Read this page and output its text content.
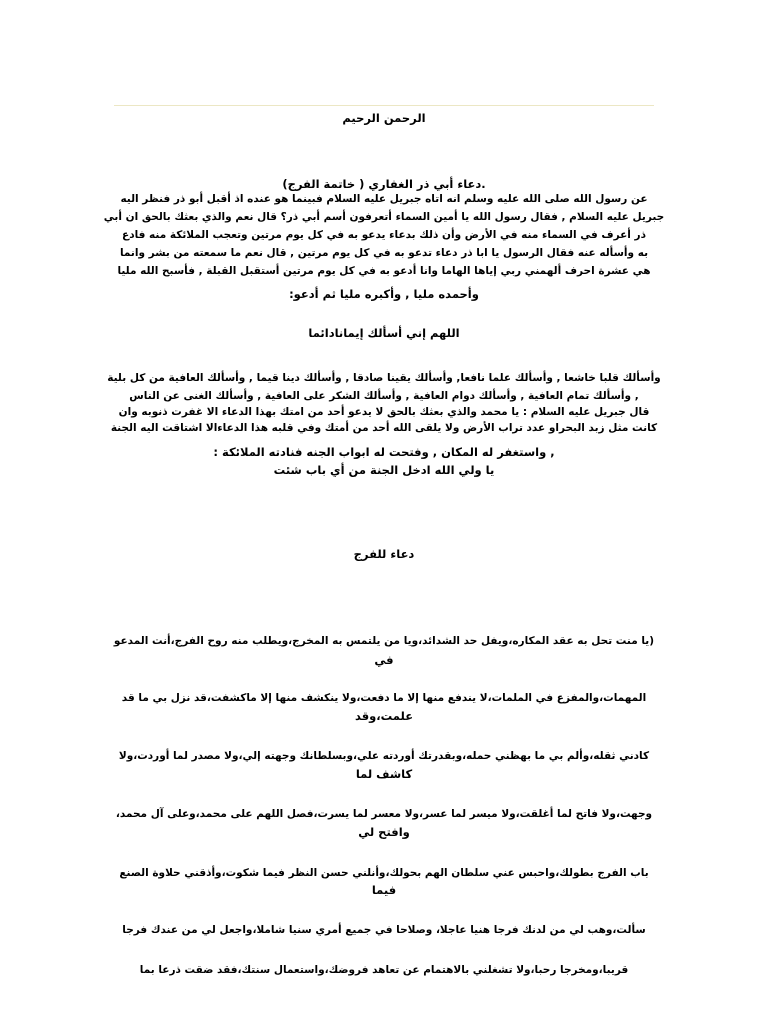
الرحمن الرحيم
.دعاء أبي ذر الغفاري ( خاتمة الفرج)
عن رسول الله صلى الله عليه وسلم انه اتاه جبريل عليه السلام فبينما هو عنده اذ أقبل أبو ذر فنظر اليه
جبريل عليه السلام , فقال رسول الله يا أمين السماء أتعرفون أسم أبي ذر؟ قال نعم والذي بعثك بالحق ان أبي
ذر أعرف في السماء منه في الأرض وأن ذلك بدعاء يدعو به في كل يوم مرتين وتعجب الملائكة منه فادع
به وأسأله عنه فقال الرسول يا ابا ذر دعاء تدعو به في كل يوم مرتين , قال نعم ما سمعته من بشر وانما
هي عشرة احرف ألهمني ربي إياها الهاما وانا أدعو به في كل يوم مرتين أستقبل القبلة , فأسبح الله مليا
وأحمده مليا , وأكبره مليا ثم أدعو:
اللهم إني أسألك إيمانادائما
وأسألك قلبا خاشعا , وأسألك علما نافعا, وأسألك يقينا صادقا , وأسألك دينا قيما , وأسألك العافية من كل بلية
, وأسألك تمام العافية , وأسألك دوام العافية , وأسألك الشكر على العافية , وأسألك الغنى عن الناس
قال جبريل عليه السلام : يا محمد والذي بعثك بالحق لا يدعو أحد من امتك بهذا الدعاء الا غفرت ذنوبه وان
كانت مثل زبد البحراو عدد تراب الأرض ولا يلقى الله أحد من أمتك وفي قلبه هذا الدعاءالا اشتاقت اليه الجنة
, واستغفر له المكان , وفتحت له ابواب الجنه فنادته الملائكة :
يا ولي الله ادخل الجنة من أي باب شئت
دعاء للفرج
(يا منت تحل به عقد المكاره،ويفل حد الشدائد،ويا من يلتمس به المخرج،ويطلب منه روح الفرج،أنت المدعو
في
المهمات،والمفزع في الملمات،لا يندفع منها إلا ما دفعت،ولا ينكشف منها إلا ماكشفت،قد نزل بي ما قد
علمت،وقد
كادني ثقله،وألم بي ما بهظني حمله،وبقدرتك أوردته علي،وبسلطانك وجهته إلي،ولا مصدر لما أوردت،ولا
كاشف لما
وجهت،ولا فاتح لما أغلقت،ولا ميسر لما عسر،ولا معسر لما يسرت،فصل اللهم على محمد،وعلى آل محمد،
وافتح لي
باب الفرج بطولك،واحبس عني سلطان الهم بحولك،وأنلني حسن النظر فيما شكوت،وأذقني حلاوة الصنع
فيما
سألت،وهب لي من لدنك فرجا هنيا عاجلا، وصلاحا في جميع أمري سنيا شاملا،واجعل لي من عندك فرجا
قريبا،ومخرجا رحبا،ولا تشغلني بالاهتمام عن تعاهد فروضك،واستعمال سنتك،فقد ضقت ذرعا بما
